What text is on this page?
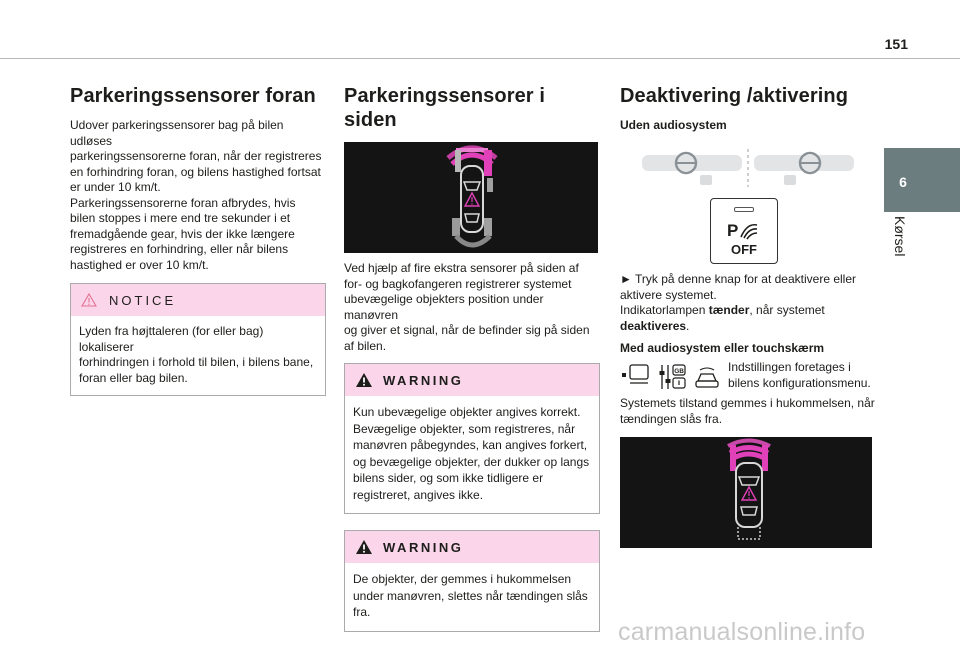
151
6
Kørsel
Parkeringssensorer foran

Udover parkeringssensorer bag på bilen udløses
parkeringssensorerne foran, når der registreres
en forhindring foran, og bilens hastighed fortsat
er under 10 km/t.
Parkeringssensorerne foran afbrydes, hvis
bilen stoppes i mere end tre sekunder i et
fremadgående gear, hvis der ikke længere
registreres en forhindring, eller når bilens
hastighed er over 10 km/t.

NOTICE
Lyden fra højttaleren (for eller bag) lokaliserer
forhindringen i forhold til bilen, i bilens bane,
foran eller bag bilen.
Parkeringssensorer i siden

Ved hjælp af fire ekstra sensorer på siden af
for- og bagkofangeren registrerer systemet
ubevægelige objekters position under manøvren
og giver et signal, når de befinder sig på siden
af bilen.

WARNING
Kun ubevægelige objekter angives korrekt.
Bevægelige objekter, som registreres, når
manøvren påbegyndes, kan angives forkert,
og bevægelige objekter, der dukker op langs
bilens sider, og som ikke tidligere er
registreret, angives ikke.
WARNING
De objekter, der gemmes i hukommelsen
under manøvren, slettes når tændingen slås
fra.
Deaktivering /aktivering
Uden audiosystem
P
OFF

► Tryk på denne knap for at deaktivere eller
aktivere systemet.
Indikatorlampen tænder, når systemet
deaktiveres.

Med audiosystem eller touchskærm
GB	Indstillingen foretages i
bilens konfigurationsmenu.

Systemets tilstand gemmes i hukommelsen, når
tændingen slås fra.

carmanualsonline.info
